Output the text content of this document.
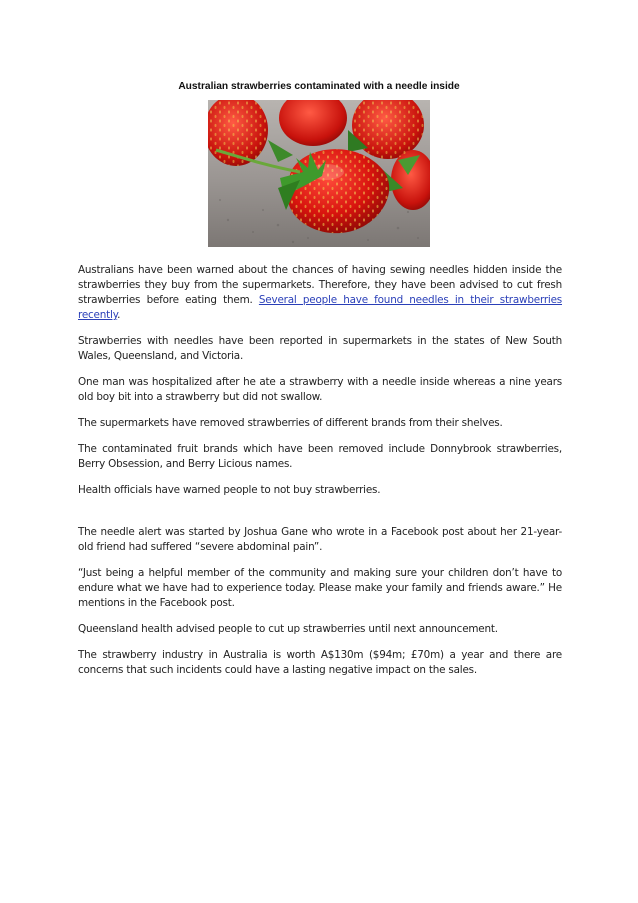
Australian strawberries contaminated with a needle inside

Australians have been warned about the chances of having sewing needles hidden inside the strawberries they buy from the supermarkets. Therefore, they have been advised to cut fresh strawberries before eating them. Several people have found needles in their strawberries recently.

Strawberries with needles have been reported in supermarkets in the states of New South Wales, Queensland, and Victoria.

One man was hospitalized after he ate a strawberry with a needle inside whereas a nine years old boy bit into a strawberry but did not swallow.

The supermarkets have removed strawberries of different brands from their shelves.

The contaminated fruit brands which have been removed include Donnybrook strawberries, Berry Obsession, and Berry Licious names.

Health officials have warned people to not buy strawberries.

The needle alert was started by Joshua Gane who wrote in a Facebook post about her 21-year-old friend had suffered “severe abdominal pain”.

“Just being a helpful member of the community and making sure your children don’t have to endure what we have had to experience today. Please make your family and friends aware.” He mentions in the Facebook post.

Queensland health advised people to cut up strawberries until next announcement.

The strawberry industry in Australia is worth A$130m ($94m; £70m) a year and there are concerns that such incidents could have a lasting negative impact on the sales.
